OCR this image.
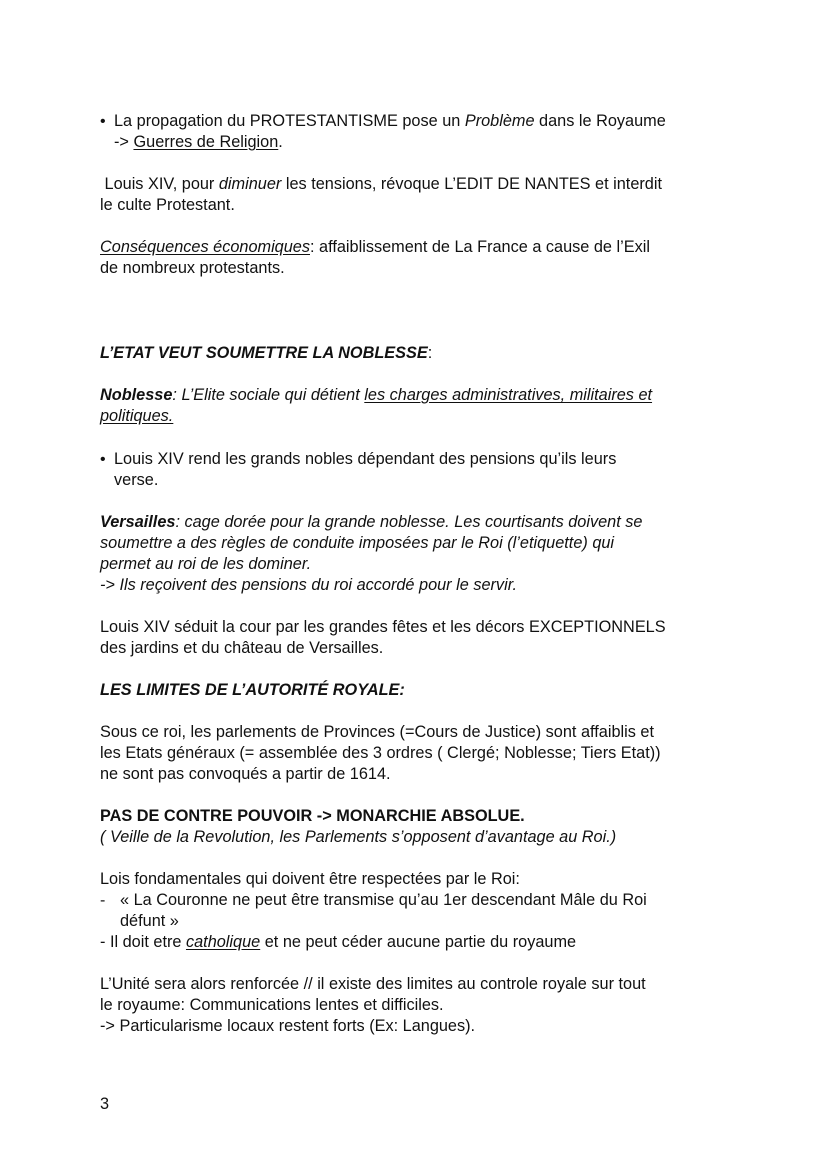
• La propagation du PROTESTANTISME pose un Problème dans le Royaume
-> Guerres de Religion.
Louis XIV, pour diminuer les tensions, révoque L’EDIT DE NANTES et interdit
le culte Protestant.
Conséquences économiques: affaiblissement de La France a cause de l’Exil
de nombreux protestants.
L’ETAT VEUT SOUMETTRE LA NOBLESSE:
Noblesse: L’Elite sociale qui détient les charges administratives, militaires et
politiques.
• Louis XIV rend les grands nobles dépendant des pensions qu’ils leurs
verse.
Versailles: cage dorée pour la grande noblesse. Les courtisants doivent se
soumettre a des règles de conduite imposées par le Roi (l’etiquette) qui
permet au roi de les dominer.
-> Ils reçoivent des pensions du roi accordé pour le servir.
Louis XIV séduit la cour par les grandes fêtes et les décors EXCEPTIONNELS
des jardins et du château de Versailles.
LES LIMITES DE L’AUTORITÉ ROYALE:
Sous ce roi, les parlements de Provinces (=Cours de Justice) sont affaiblis et
les Etats généraux (= assemblée des 3 ordres ( Clergé; Noblesse; Tiers Etat))
ne sont pas convoqués a partir de 1614.
PAS DE CONTRE POUVOIR -> MONARCHIE ABSOLUE.
( Veille de la Revolution, les Parlements s’opposent d’avantage au Roi.)
Lois fondamentales qui doivent être respectées par le Roi:
- « La Couronne ne peut être transmise qu’au 1er descendant Mâle du Roi
défunt »
- Il doit etre catholique et ne peut céder aucune partie du royaume
L’Unité sera alors renforcée // il existe des limites au controle royale sur tout
le royaume: Communications lentes et difficiles.
-> Particularisme locaux restent forts (Ex: Langues).
3
